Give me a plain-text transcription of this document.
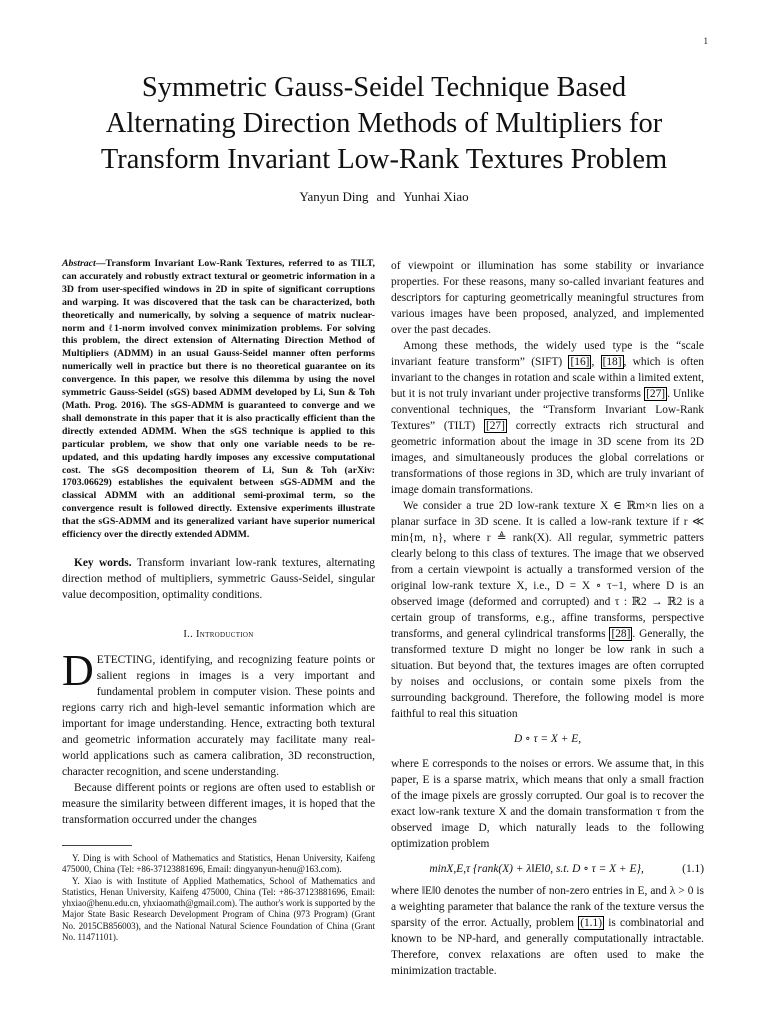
1
Symmetric Gauss-Seidel Technique Based
Alternating Direction Methods of Multipliers for
Transform Invariant Low-Rank Textures Problem
Yanyun Ding and Yunhai Xiao

Abstract—Transform Invariant Low-Rank Textures, referred to as TILT, can accurately and robustly extract textural or geometric information in a 3D from user-specified windows in 2D in spite of significant corruptions and warping. It was discovered that the task can be characterized, both theoretically and numerically, by solving a sequence of matrix nuclear-norm and ℓ1-norm involved convex minimization problems. For solving this problem, the direct extension of Alternating Direction Method of Multipliers (ADMM) in an usual Gauss-Seidel manner often performs numerically well in practice but there is no theoretical guarantee on its convergence. In this paper, we resolve this dilemma by using the novel symmetric Gauss-Seidel (sGS) based ADMM developed by Li, Sun & Toh (Math. Prog. 2016). The sGS-ADMM is guaranteed to converge and we shall demonstrate in this paper that it is also practically efficient than the directly extended ADMM. When the sGS technique is applied to this particular problem, we show that only one variable needs to be re-updated, and this updating hardly imposes any excessive computational cost. The sGS decomposition theorem of Li, Sun & Toh (arXiv: 1703.06629) establishes the equivalent between sGS-ADMM and the classical ADMM with an additional semi-proximal term, so the convergence result is followed directly. Extensive experiments illustrate that the sGS-ADMM and its generalized variant have superior numerical efficiency over the directly extended ADMM.

Key words. Transform invariant low-rank textures, alternating direction method of multipliers, symmetric Gauss-Seidel, singular value decomposition, optimality conditions.

I.. Introduction

DETECTING, identifying, and recognizing feature points or salient regions in images is a very important and fundamental problem in computer vision. These points and regions carry rich and high-level semantic information which are important for image understanding. Hence, extracting both textural and geometric information accurately may facilitate many real-world applications such as camera calibration, 3D reconstruction, character recognition, and scene understanding.

Because different points or regions are often used to establish or measure the similarity between different images, it is hoped that the transformation occurred under the changes

Y. Ding is with School of Mathematics and Statistics, Henan University, Kaifeng 475000, China (Tel: +86-37123881696, Email: dingyanyun-henu@163.com).

Y. Xiao is with Institute of Applied Mathematics, School of Mathematics and Statistics, Henan University, Kaifeng 475000, China (Tel: +86-37123881696, Email: yhxiao@henu.edu.cn, yhxiaomath@gmail.com). The author's work is supported by the Major State Basic Research Development Program of China (973 Program) (Grant No. 2015CB856003), and the National Natural Science Foundation of China (Grant No. 11471101).

of viewpoint or illumination has some stability or invariance properties. For these reasons, many so-called invariant features and descriptors for capturing geometrically meaningful structures from various images have been proposed, analyzed, and implemented over the past decades.

Among these methods, the widely used type is the “scale invariant feature transform” (SIFT) [16] , [18] , which is often invariant to the changes in rotation and scale within a limited extent, but it is not truly invariant under projective transforms [27] . Unlike conventional techniques, the “Transform Invariant Low-Rank Textures” (TILT) [27] correctly extracts rich structural and geometric information about the image in 3D scene from its 2D images, and simultaneously produces the global correlations or transformations of those regions in 3D, which are truly invariant of image domain transformations.

We consider a true 2D low-rank texture X ∈ ℝm×n lies on a planar surface in 3D scene. It is called a low-rank texture if r ≪ min{m, n}, where r ≜ rank(X). All regular, symmetric patters clearly belong to this class of textures. The image that we observed from a certain viewpoint is actually a transformed version of the original low-rank texture X, i.e., D = X ∘ τ−1, where D is an observed image (deformed and corrupted) and τ : ℝ2 → ℝ2 is a certain group of transforms, e.g., affine transforms, perspective transforms, and general cylindrical transforms [28] . Generally, the transformed texture D might no longer be low rank in such a situation. But beyond that, the textures images are often corrupted by noises and occlusions, or contain some pixels from the surrounding background. Therefore, the following model is more faithful to real this situation

D ∘ τ = X + E,

where E corresponds to the noises or errors. We assume that, in this paper, E is a sparse matrix, which means that only a small fraction of the image pixels are grossly corrupted. Our goal is to recover the exact low-rank texture X and the domain transformation τ from the observed image D, which naturally leads to the following optimization problem

minX,E,τ {rank(X) + λ‖E‖0, s.t. D ∘ τ = X + E},	(1.1)

where ‖E‖0 denotes the number of non-zero entries in E, and λ > 0 is a weighting parameter that balance the rank of the texture versus the sparsity of the error. Actually, problem (1.1) is combinatorial and known to be NP-hard, and generally computationally intractable. Therefore, convex relaxations are often used to make the minimization tractable.
